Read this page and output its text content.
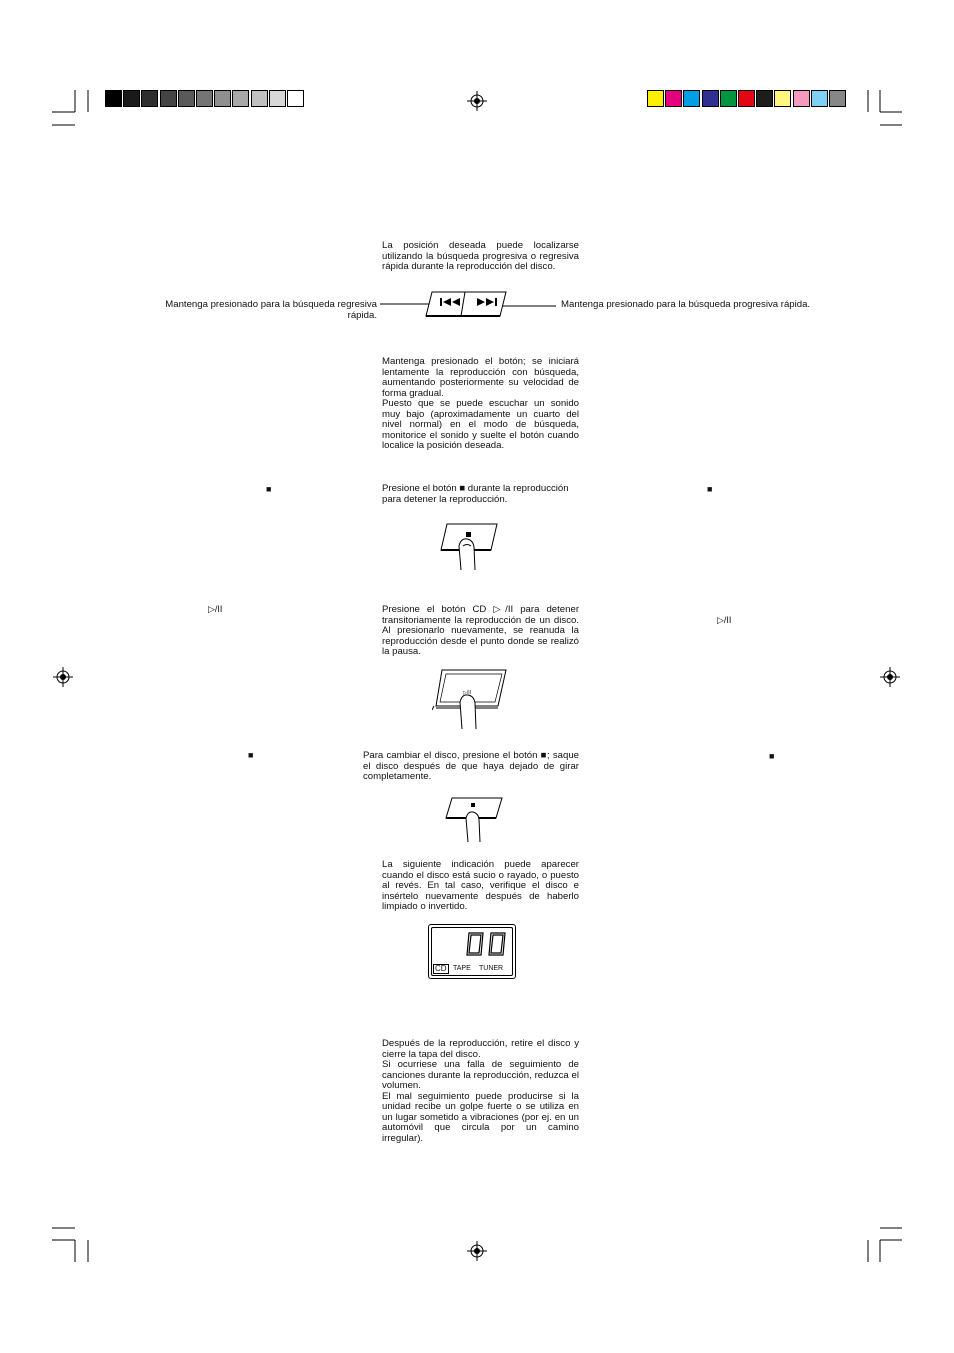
La posición deseada puede localizarse utilizando la búsqueda progresiva o regresiva rápida durante la reproducción del disco.
Mantenga presionado para la búsqueda regresiva
rápida.
Mantenga presionado para la búsqueda progresiva rápida.
Mantenga presionado el botón; se iniciará lentamente la reproducción con búsqueda, aumentando posteriormente su velocidad de forma gradual.
Puesto que se puede escuchar un sonido muy bajo (aproximadamente un cuarto del nivel normal) en el modo de búsqueda, monitorice el sonido y suelte el botón cuando localice la posición deseada.
■	■
Presione el botón ■ durante la reproducción
para detener la reproducción.
▷/II
▷/II
Presione el botón CD ▷/II para detener transitoriamente la reproducción de un disco. Al presionarlo nuevamente, se reanuda la reproducción desde el punto donde se realizó la pausa.
▷/II
■	■
Para cambiar el disco, presione el botón ■; saque el disco después de que haya dejado de girar completamente.
La siguiente indicación puede aparecer cuando el disco está sucio o rayado, o puesto al revés. En tal caso, verifique el disco e insértelo nuevamente después de haberlo limpiado o invertido.
CD TAPE TUNER
Después de la reproducción, retire el disco y cierre la tapa del disco.
Si ocurriese una falla de seguimiento de canciones durante la reproducción, reduzca el volumen.
El mal seguimiento puede producirse si la unidad recibe un golpe fuerte o se utiliza en un lugar sometido a vibraciones (por ej. en un automóvil que circula por un camino irregular).
